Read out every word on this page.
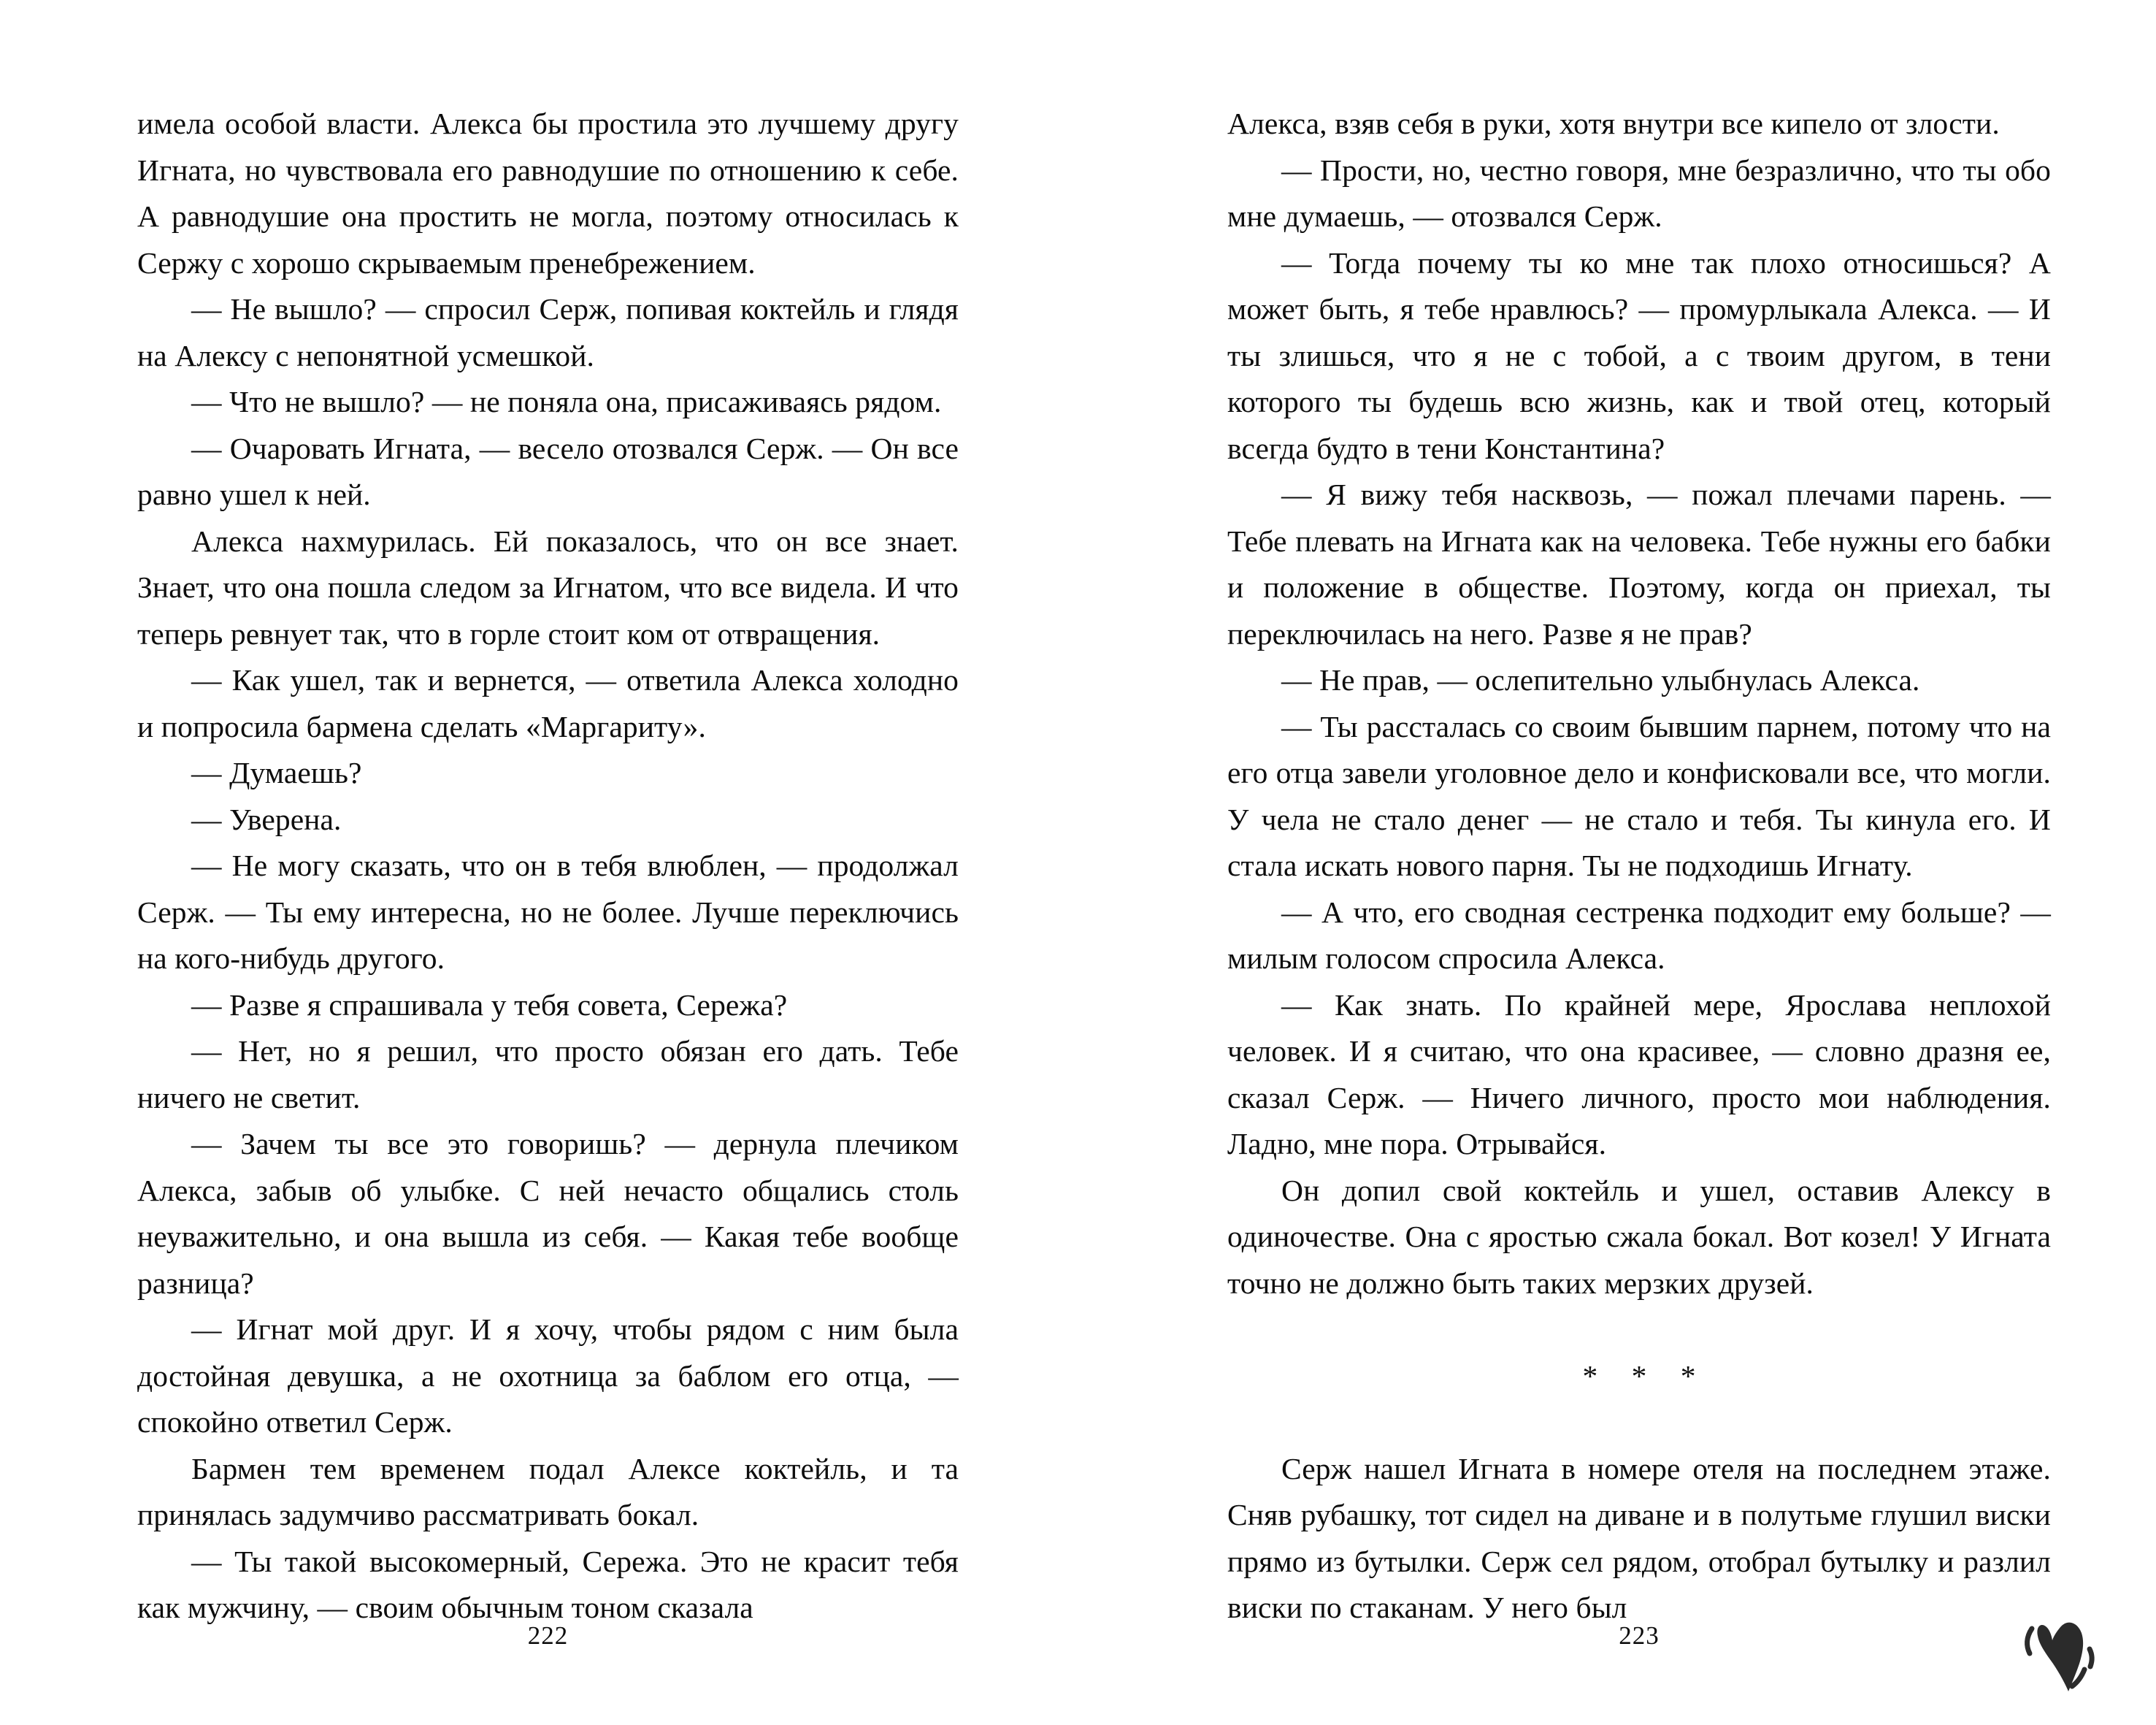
имела особой власти. Алекса бы простила это лучшему другу Игната, но чувствовала его равнодушие по отношению к себе. А равнодушие она простить не могла, поэтому относилась к Сержу с хорошо скрываемым пренебрежением.

— Не вышло? — спросил Серж, попивая коктейль и глядя на Алексу с непонятной усмешкой.

— Что не вышло? — не поняла она, присаживаясь рядом.

— Очаровать Игната, — весело отозвался Серж. — Он все равно ушел к ней.

Алекса нахмурилась. Ей показалось, что он все знает. Знает, что она пошла следом за Игнатом, что все видела. И что теперь ревнует так, что в горле стоит ком от отвращения.

— Как ушел, так и вернется, — ответила Алекса холодно и попросила бармена сделать «Маргариту».

— Думаешь?

— Уверена.

— Не могу сказать, что он в тебя влюблен, — продолжал Серж. — Ты ему интересна, но не более. Лучше переключись на кого-нибудь другого.

— Разве я спрашивала у тебя совета, Сережа?

— Нет, но я решил, что просто обязан его дать. Тебе ничего не светит.

— Зачем ты все это говоришь? — дернула плечиком Алекса, забыв об улыбке. С ней нечасто общались столь неуважительно, и она вышла из себя. — Какая тебе вообще разница?

— Игнат мой друг. И я хочу, чтобы рядом с ним была достойная девушка, а не охотница за баблом его отца, — спокойно ответил Серж.

Бармен тем временем подал Алексе коктейль, и та принялась задумчиво рассматривать бокал.

— Ты такой высокомерный, Сережа. Это не красит тебя как мужчину, — своим обычным тоном сказала

222

Алекса, взяв себя в руки, хотя внутри все кипело от злости.

— Прости, но, честно говоря, мне безразлично, что ты обо мне думаешь, — отозвался Серж.

— Тогда почему ты ко мне так плохо относишься? А может быть, я тебе нравлюсь? — промурлыкала Алекса. — И ты злишься, что я не с тобой, а с твоим другом, в тени которого ты будешь всю жизнь, как и твой отец, который всегда будто в тени Константина?

— Я вижу тебя насквозь, — пожал плечами парень. — Тебе плевать на Игната как на человека. Тебе нужны его бабки и положение в обществе. Поэтому, когда он приехал, ты переключилась на него. Разве я не прав?

— Не прав, — ослепительно улыбнулась Алекса.

— Ты рассталась со своим бывшим парнем, потому что на его отца завели уголовное дело и конфисковали все, что могли. У чела не стало денег — не стало и тебя. Ты кинула его. И стала искать нового парня. Ты не подходишь Игнату.

— А что, его сводная сестренка подходит ему больше? — милым голосом спросила Алекса.

— Как знать. По крайней мере, Ярослава неплохой человек. И я считаю, что она красивее, — словно дразня ее, сказал Серж. — Ничего личного, просто мои наблюдения. Ладно, мне пора. Отрывайся.

Он допил свой коктейль и ушел, оставив Алексу в одиночестве. Она с яростью сжала бокал. Вот козел! У Игната точно не должно быть таких мерзких друзей.

* * *

Серж нашел Игната в номере отеля на последнем этаже. Сняв рубашку, тот сидел на диване и в полутьме глушил виски прямо из бутылки. Серж сел рядом, отобрал бутылку и разлил виски по стаканам. У него был

223
